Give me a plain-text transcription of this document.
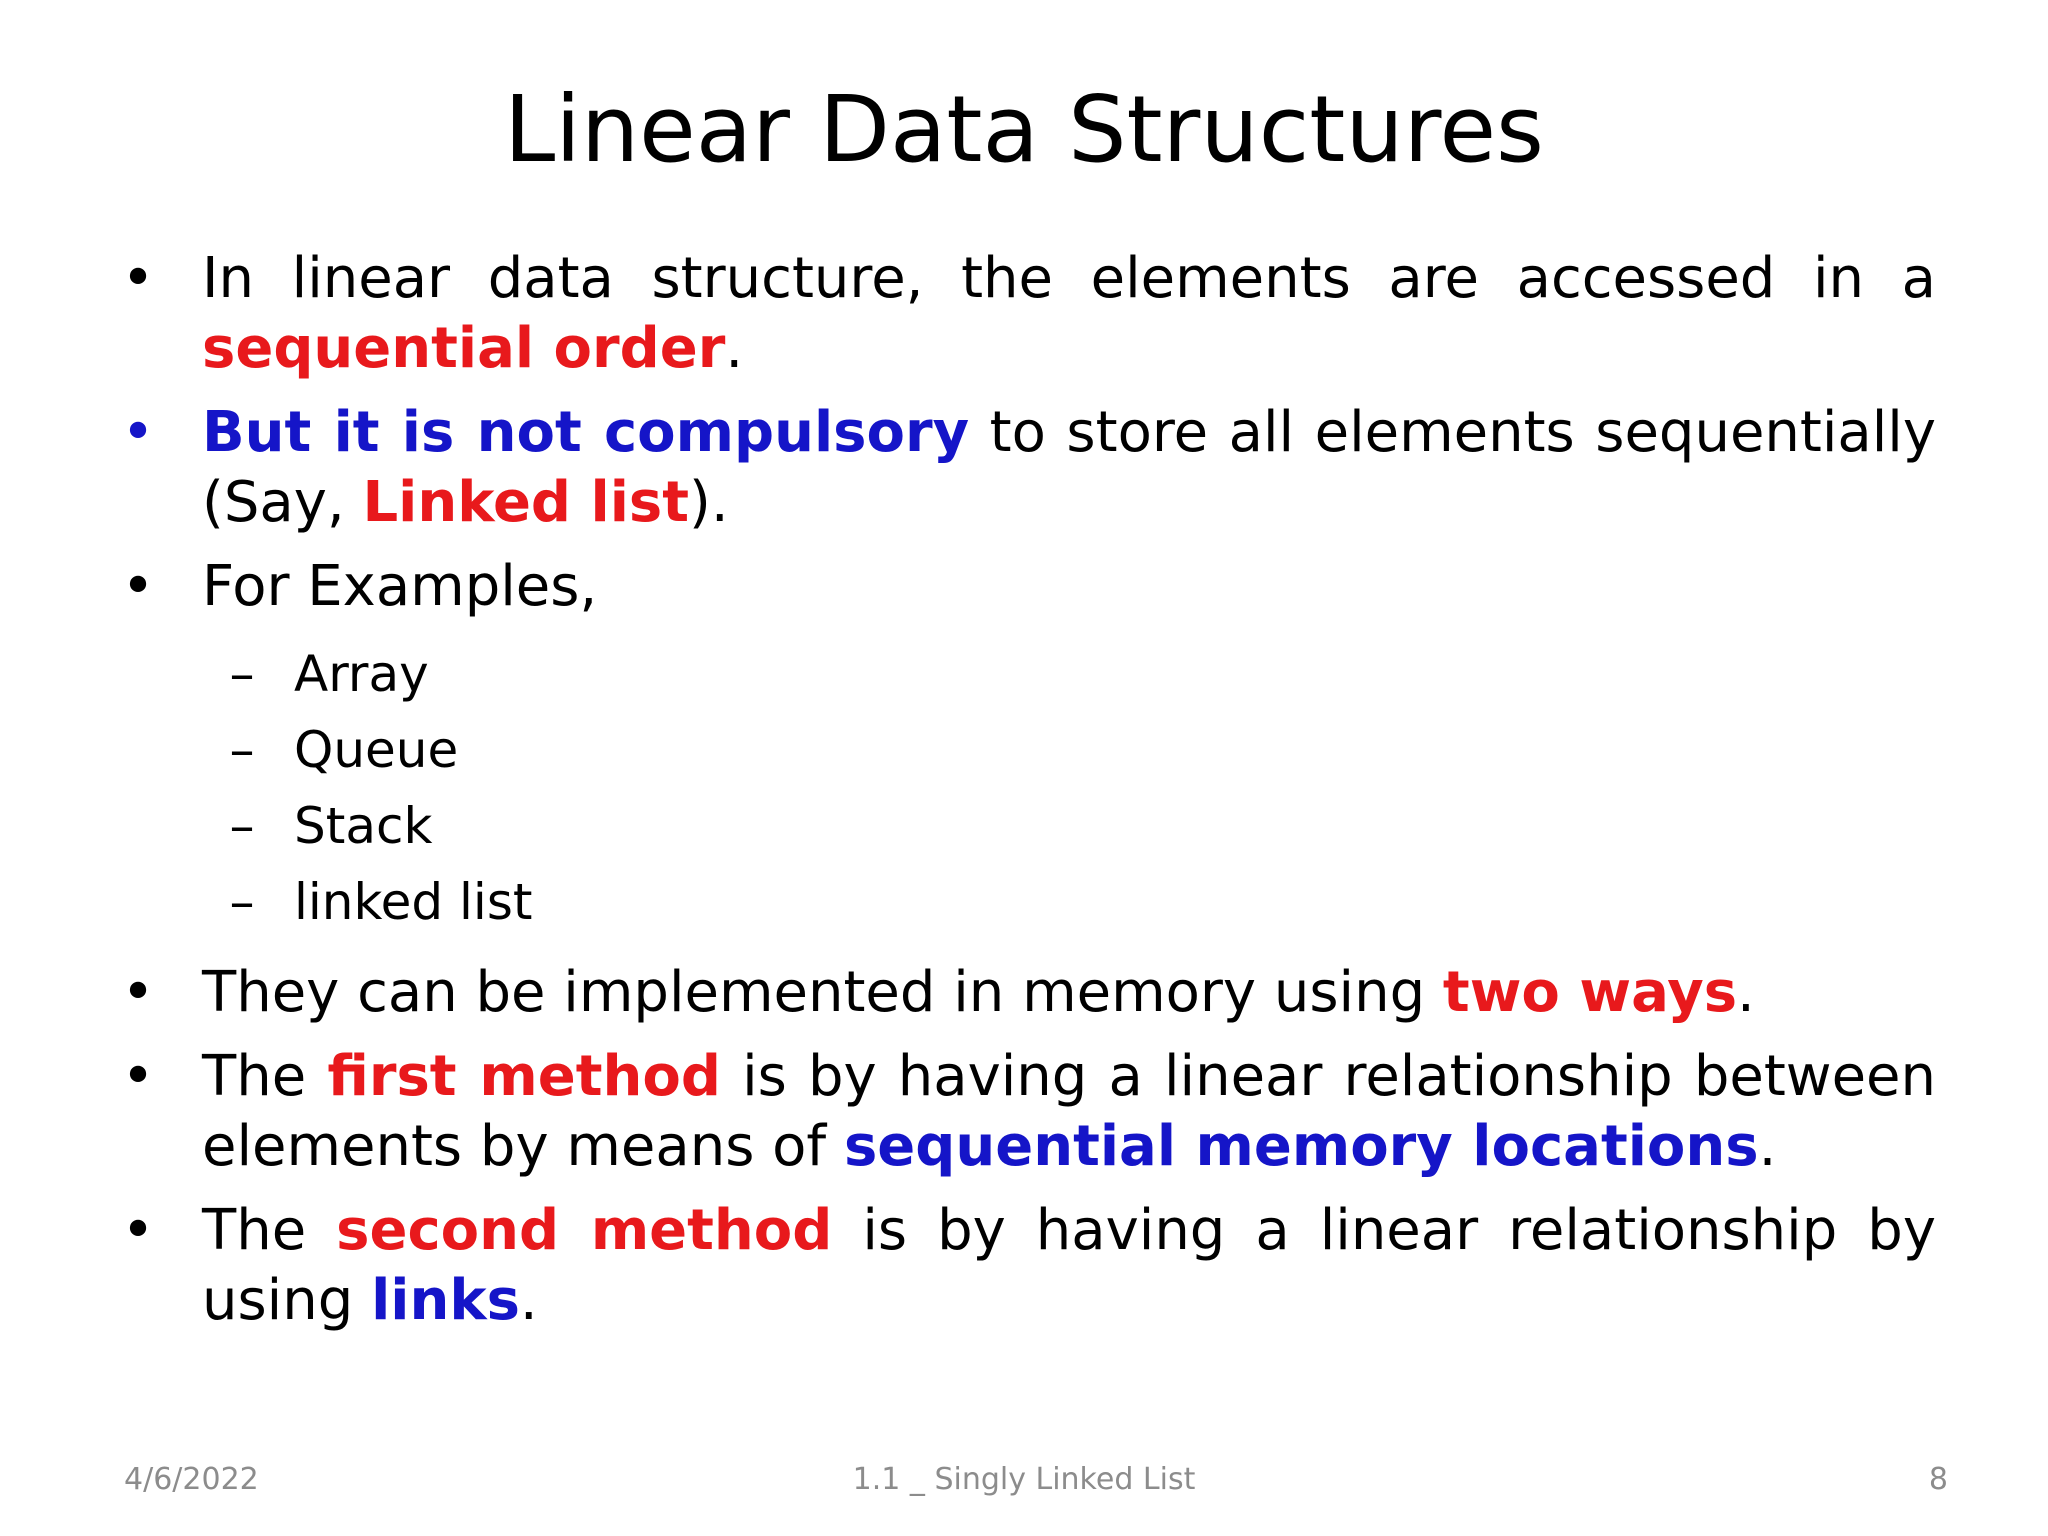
Linear Data Structures
• In linear data structure, the elements are accessed in a sequential order.
• But it is not compulsory to store all elements sequentially (Say, Linked list).
• For Examples,
– Array
– Queue
– Stack
– linked list
• They can be implemented in memory using two ways.
• The first method is by having a linear relationship between elements by means of sequential memory locations.
• The second method is by having a linear relationship by using links.
4/6/2022	1.1 _ Singly Linked List	8
